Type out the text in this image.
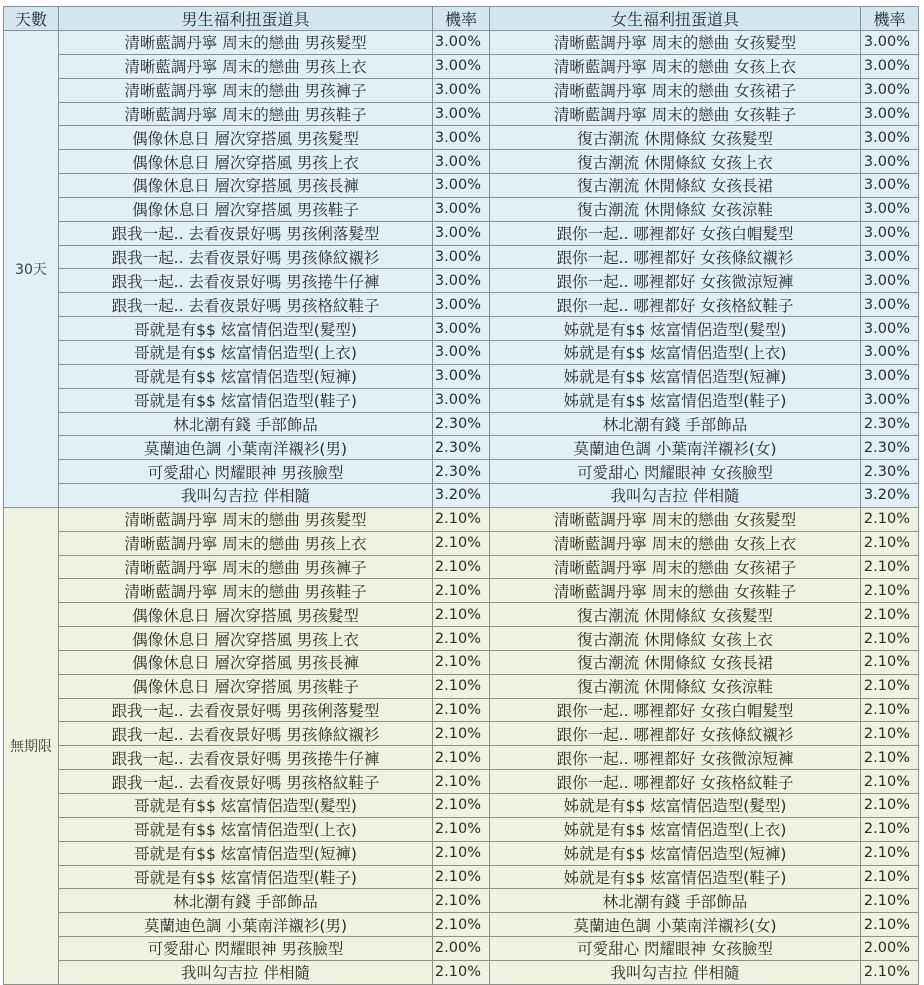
天數	男生福利扭蛋道具	機率	女生福利扭蛋道具	機率
30天	清晰藍調丹寧 周末的戀曲 男孩髮型	3.00%	清晰藍調丹寧 周末的戀曲 女孩髮型	3.00%
	清晰藍調丹寧 周末的戀曲 男孩上衣	3.00%	清晰藍調丹寧 周末的戀曲 女孩上衣	3.00%
	清晰藍調丹寧 周末的戀曲 男孩褲子	3.00%	清晰藍調丹寧 周末的戀曲 女孩裙子	3.00%
	清晰藍調丹寧 周末的戀曲 男孩鞋子	3.00%	清晰藍調丹寧 周末的戀曲 女孩鞋子	3.00%
	偶像休息日 層次穿搭風 男孩髮型	3.00%	復古潮流 休閒條紋 女孩髮型	3.00%
	偶像休息日 層次穿搭風 男孩上衣	3.00%	復古潮流 休閒條紋 女孩上衣	3.00%
	偶像休息日 層次穿搭風 男孩長褲	3.00%	復古潮流 休閒條紋 女孩長裙	3.00%
	偶像休息日 層次穿搭風 男孩鞋子	3.00%	復古潮流 休閒條紋 女孩涼鞋	3.00%
	跟我一起.. 去看夜景好嗎 男孩俐落髮型	3.00%	跟你一起.. 哪裡都好 女孩白帽髮型	3.00%
	跟我一起.. 去看夜景好嗎 男孩條紋襯衫	3.00%	跟你一起.. 哪裡都好 女孩條紋襯衫	3.00%
	跟我一起.. 去看夜景好嗎 男孩捲牛仔褲	3.00%	跟你一起.. 哪裡都好 女孩微涼短褲	3.00%
	跟我一起.. 去看夜景好嗎 男孩格紋鞋子	3.00%	跟你一起.. 哪裡都好 女孩格紋鞋子	3.00%
	哥就是有$$ 炫富情侶造型(髮型)	3.00%	姊就是有$$ 炫富情侶造型(髮型)	3.00%
	哥就是有$$ 炫富情侶造型(上衣)	3.00%	姊就是有$$ 炫富情侶造型(上衣)	3.00%
	哥就是有$$ 炫富情侶造型(短褲)	3.00%	姊就是有$$ 炫富情侶造型(短褲)	3.00%
	哥就是有$$ 炫富情侶造型(鞋子)	3.00%	姊就是有$$ 炫富情侶造型(鞋子)	3.00%
	林北潮有錢 手部飾品	2.30%	林北潮有錢 手部飾品	2.30%
	莫蘭迪色調 小葉南洋襯衫(男)	2.30%	莫蘭迪色調 小葉南洋襯衫(女)	2.30%
	可愛甜心 閃耀眼神 男孩臉型	2.30%	可愛甜心 閃耀眼神 女孩臉型	2.30%
	我叫勾吉拉 伴相隨	3.20%	我叫勾吉拉 伴相隨	3.20%
無期限	清晰藍調丹寧 周末的戀曲 男孩髮型	2.10%	清晰藍調丹寧 周末的戀曲 女孩髮型	2.10%
	清晰藍調丹寧 周末的戀曲 男孩上衣	2.10%	清晰藍調丹寧 周末的戀曲 女孩上衣	2.10%
	清晰藍調丹寧 周末的戀曲 男孩褲子	2.10%	清晰藍調丹寧 周末的戀曲 女孩裙子	2.10%
	清晰藍調丹寧 周末的戀曲 男孩鞋子	2.10%	清晰藍調丹寧 周末的戀曲 女孩鞋子	2.10%
	偶像休息日 層次穿搭風 男孩髮型	2.10%	復古潮流 休閒條紋 女孩髮型	2.10%
	偶像休息日 層次穿搭風 男孩上衣	2.10%	復古潮流 休閒條紋 女孩上衣	2.10%
	偶像休息日 層次穿搭風 男孩長褲	2.10%	復古潮流 休閒條紋 女孩長裙	2.10%
	偶像休息日 層次穿搭風 男孩鞋子	2.10%	復古潮流 休閒條紋 女孩涼鞋	2.10%
	跟我一起.. 去看夜景好嗎 男孩俐落髮型	2.10%	跟你一起.. 哪裡都好 女孩白帽髮型	2.10%
	跟我一起.. 去看夜景好嗎 男孩條紋襯衫	2.10%	跟你一起.. 哪裡都好 女孩條紋襯衫	2.10%
	跟我一起.. 去看夜景好嗎 男孩捲牛仔褲	2.10%	跟你一起.. 哪裡都好 女孩微涼短褲	2.10%
	跟我一起.. 去看夜景好嗎 男孩格紋鞋子	2.10%	跟你一起.. 哪裡都好 女孩格紋鞋子	2.10%
	哥就是有$$ 炫富情侶造型(髮型)	2.10%	姊就是有$$ 炫富情侶造型(髮型)	2.10%
	哥就是有$$ 炫富情侶造型(上衣)	2.10%	姊就是有$$ 炫富情侶造型(上衣)	2.10%
	哥就是有$$ 炫富情侶造型(短褲)	2.10%	姊就是有$$ 炫富情侶造型(短褲)	2.10%
	哥就是有$$ 炫富情侶造型(鞋子)	2.10%	姊就是有$$ 炫富情侶造型(鞋子)	2.10%
	林北潮有錢 手部飾品	2.10%	林北潮有錢 手部飾品	2.10%
	莫蘭迪色調 小葉南洋襯衫(男)	2.10%	莫蘭迪色調 小葉南洋襯衫(女)	2.10%
	可愛甜心 閃耀眼神 男孩臉型	2.00%	可愛甜心 閃耀眼神 女孩臉型	2.00%
	我叫勾吉拉 伴相隨	2.10%	我叫勾吉拉 伴相隨	2.10%
